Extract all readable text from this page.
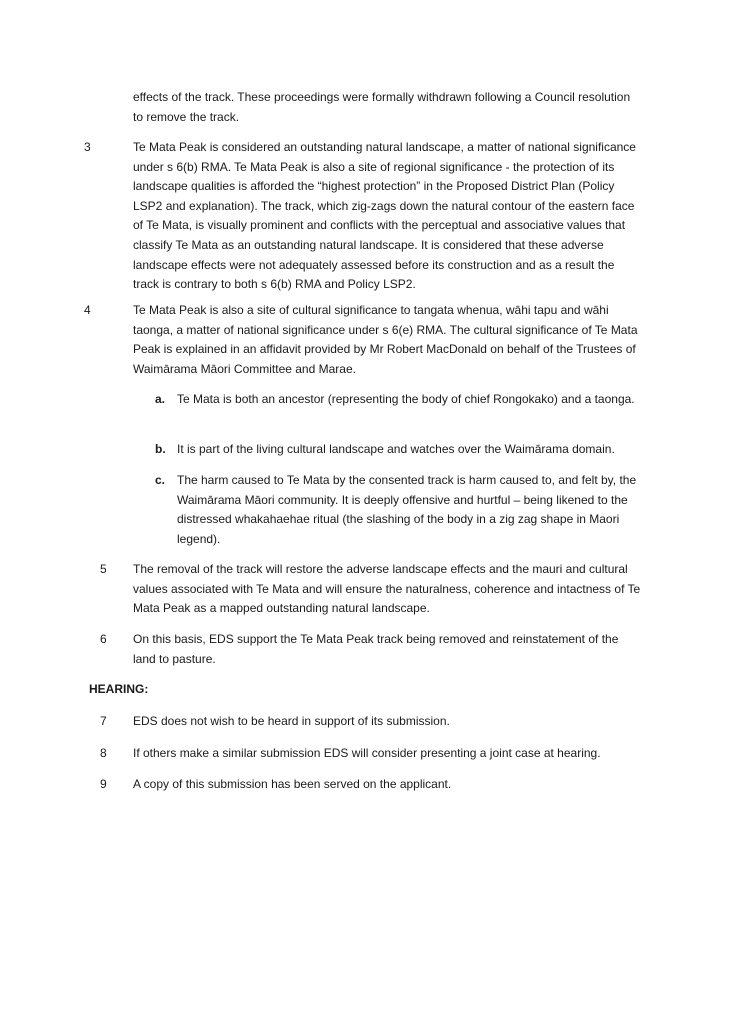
effects of the track. These proceedings were formally withdrawn following a Council resolution to remove the track.
3	Te Mata Peak is considered an outstanding natural landscape, a matter of national significance under s 6(b) RMA. Te Mata Peak is also a site of regional significance - the protection of its landscape qualities is afforded the “highest protection” in the Proposed District Plan (Policy LSP2 and explanation). The track, which zig-zags down the natural contour of the eastern face of Te Mata, is visually prominent and conflicts with the perceptual and associative values that classify Te Mata as an outstanding natural landscape. It is considered that these adverse landscape effects were not adequately assessed before its construction and as a result the track is contrary to both s 6(b) RMA and Policy LSP2.
4	Te Mata Peak is also a site of cultural significance to tangata whenua, wāhi tapu and wāhi taonga, a matter of national significance under s 6(e) RMA. The cultural significance of Te Mata Peak is explained in an affidavit provided by Mr Robert MacDonald on behalf of the Trustees of Waimārama Māori Committee and Marae.
a. Te Mata is both an ancestor (representing the body of chief Rongokako) and a taonga.
b. It is part of the living cultural landscape and watches over the Waimārama domain.
c. The harm caused to Te Mata by the consented track is harm caused to, and felt by, the Waimārama Māori community. It is deeply offensive and hurtful – being likened to the distressed whakahaehae ritual (the slashing of the body in a zig zag shape in Maori legend).
5	The removal of the track will restore the adverse landscape effects and the mauri and cultural values associated with Te Mata and will ensure the naturalness, coherence and intactness of Te Mata Peak as a mapped outstanding natural landscape.
6	On this basis, EDS support the Te Mata Peak track being removed and reinstatement of the land to pasture.
HEARING:
7	EDS does not wish to be heard in support of its submission.
8	If others make a similar submission EDS will consider presenting a joint case at hearing.
9	A copy of this submission has been served on the applicant.
